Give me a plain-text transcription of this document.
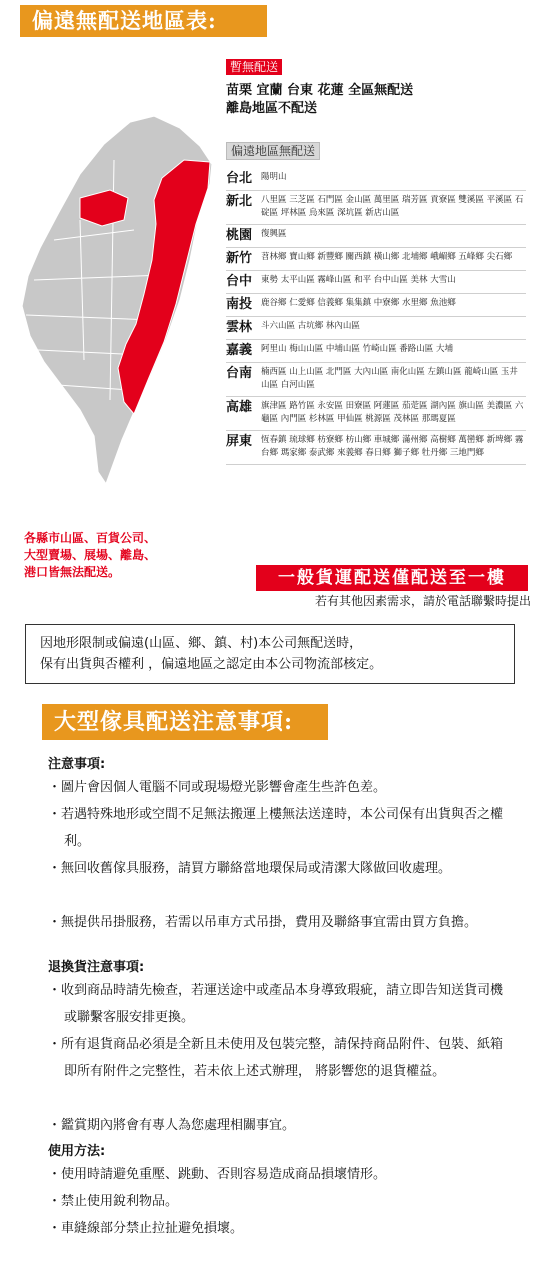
偏遠無配送地區表:
暫無配送
苗栗 宜蘭 台東 花蓮 全區無配送
離島地區不配送
偏遠地區無配送
台北	陽明山
新北	八里區 三芝區 石門區 金山區 萬里區 瑞芳區 貢寮區 雙溪區 平溪區 石碇區 坪林區 烏來區 深坑區 新店山區
桃園	復興區
新竹	苕林鄉 寶山鄉 新豐鄉 關西鎮 橫山鄉 北埔鄉 峨嵋鄉 五峰鄉 尖石鄉
台中	東勢 太平山區 霧峰山區 和平 台中山區 美林 大雪山
南投	鹿谷鄉 仁愛鄉 信義鄉 集集鎮 中寮鄉 水里鄉 魚池鄉
雲林	斗六山區 古坑鄉 林內山區
嘉義	阿里山 梅山山區 中埔山區 竹崎山區 番路山區 大埔
台南	楠西區 山上山區 北門區 大內山區 南化山區 左鎮山區 龍崎山區 玉井山區 白河山區
高雄	旗津區 路竹區 永安區 田寮區 阿蓮區 茄萣區 湖內區 旗山區 美濃區 六龜區 內門區 杉林區 甲仙區 桃源區 茂林區 那瑪夏區
屏東	恆春鎮 琉球鄉 枋寮鄉 枋山鄉 車城鄉 滿州鄉 高樹鄉 萬巒鄉 新埤鄉 霧台鄉 瑪家鄉 泰武鄉 來義鄉 春日鄉 獅子鄉 牡丹鄉 三地門鄉
各縣市山區、百貨公司、
大型賣場、展場、離島、
港口皆無法配送。	一般貨運配送僅配送至一樓
若有其他因素需求，請於電話聯繫時提出
因地形限制或偏遠(山區、鄉、鎮、村)本公司無配送時，
保有出貨與否權利 ，偏遠地區之認定由本公司物流部核定。
大型傢具配送注意事項:
注意事項:
・圖片會因個人電腦不同或現場燈光影響會產生些許色差。
・若遇特殊地形或空間不足無法搬運上樓無法送達時，本公司保有出貨與否之權利。
・無回收舊傢具服務，請買方聯絡當地環保局或清潔大隊做回收處理。
・無提供吊掛服務，若需以吊車方式吊掛，費用及聯絡事宜需由買方負擔。
退換貨注意事項:
・收到商品時請先檢查，若運送途中或產品本身導致瑕疵，請立即告知送貨司機或聯繫客服安排更換。
・所有退貨商品必須是全新且未使用及包裝完整，請保持商品附件、包裝、紙箱即所有附件之完整性，若未依上述式辦理， 將影響您的退貨權益。
・鑑賞期內將會有專人為您處理相關事宜。
使用方法:
・使用時請避免重壓、跳動、否則容易造成商品損壞情形。
・禁止使用銳利物品。
・車縫線部分禁止拉扯避免損壞。
